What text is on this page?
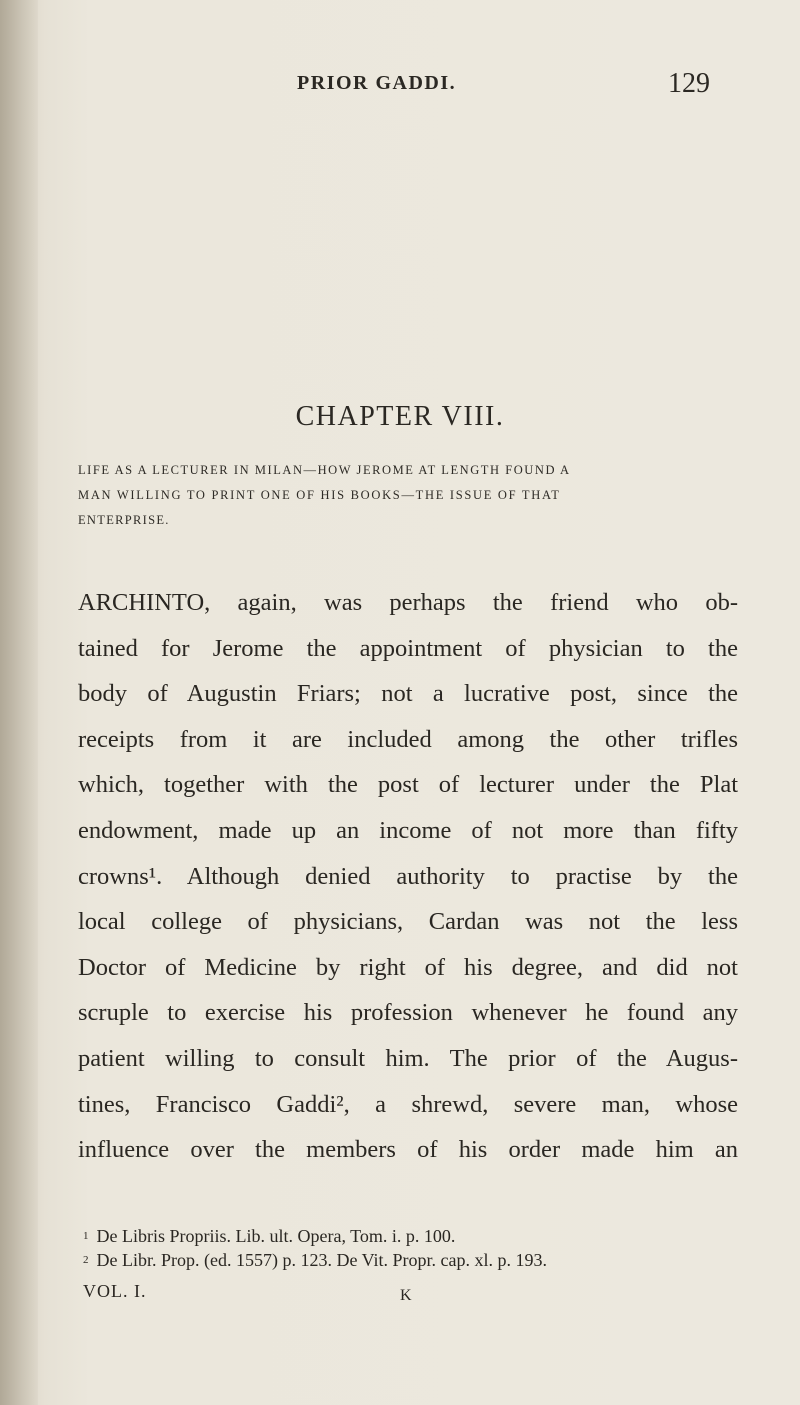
PRIOR GADDI.	129
CHAPTER VIII.
LIFE AS A LECTURER IN MILAN—HOW JEROME AT LENGTH FOUND A
MAN WILLING TO PRINT ONE OF HIS BOOKS—THE ISSUE OF THAT
ENTERPRISE.
ARCHINTO, again, was perhaps the friend who ob-
tained for Jerome the appointment of physician to the
body of Augustin Friars; not a lucrative post, since the
receipts from it are included among the other trifles
which, together with the post of lecturer under the Plat
endowment, made up an income of not more than fifty
crowns¹. Although denied authority to practise by the
local college of physicians, Cardan was not the less
Doctor of Medicine by right of his degree, and did not
scruple to exercise his profession whenever he found any
patient willing to consult him. The prior of the Augus-
tines, Francisco Gaddi², a shrewd, severe man, whose
influence over the members of his order made him an
$^1$ De Libris Propriis. Lib. ult. Opera, Tom. i. p. 100.
$^2$ De Libr. Prop. (ed. 1557) p. 123. De Vit. Propr. cap. xl. p. 193.
VOL. I.	K
